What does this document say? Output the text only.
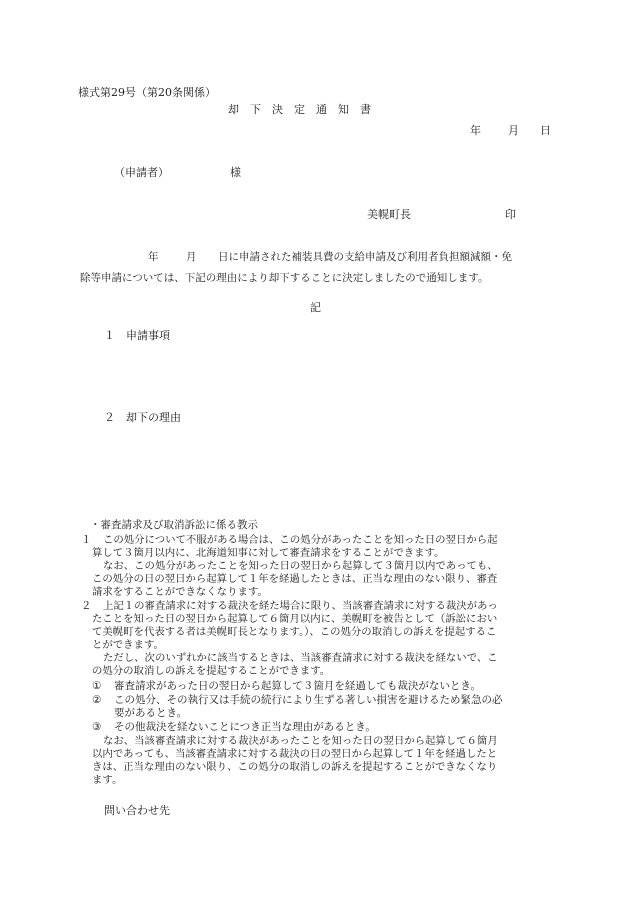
様式第29号（第20条関係）
却　下　決　定　通　知　書
年 月 日
（申請者）	様
美幌町長	印
年	月 日に申請された補装具費の支給申請及び利用者負担額減額・免
除等申請については、下記の理由により却下することに決定しましたので通知します。
記
１ 申請事項
２ 却下の理由
・審査請求及び取消訴訟に係る教示
１	この処分について不服がある場合は、この処分があったことを知った日の翌日から起
算して３箇月以内に、北海道知事に対して審査請求をすることができます。
なお、この処分があったことを知った日の翌日から起算して３箇月以内であっても、
この処分の日の翌日から起算して１年を経過したときは、正当な理由のない限り、審査
請求をすることができなくなります。
２	上記１の審査請求に対する裁決を経た場合に限り、当該審査請求に対する裁決があっ
たことを知った日の翌日から起算して６箇月以内に、美幌町を被告として（訴訟におい
て美幌町を代表する者は美幌町長となります。）、この処分の取消しの訴えを提起するこ
とができます。
ただし、次のいずれかに該当するときは、当該審査請求に対する裁決を経ないで、こ
の処分の取消しの訴えを提起することができます。
① 審査請求があった日の翌日から起算して３箇月を経過しても裁決がないとき。
② この処分、その執行又は手続の続行により生ずる著しい損害を避けるため緊急の必
要があるとき。
③ その他裁決を経ないことにつき正当な理由があるとき。
なお、当該審査請求に対する裁決があったことを知った日の翌日から起算して６箇月
以内であっても、当該審査請求に対する裁決の日の翌日から起算して１年を経過したと
きは、正当な理由のない限り、この処分の取消しの訴えを提起することができなくなり
ます。
問い合わせ先
